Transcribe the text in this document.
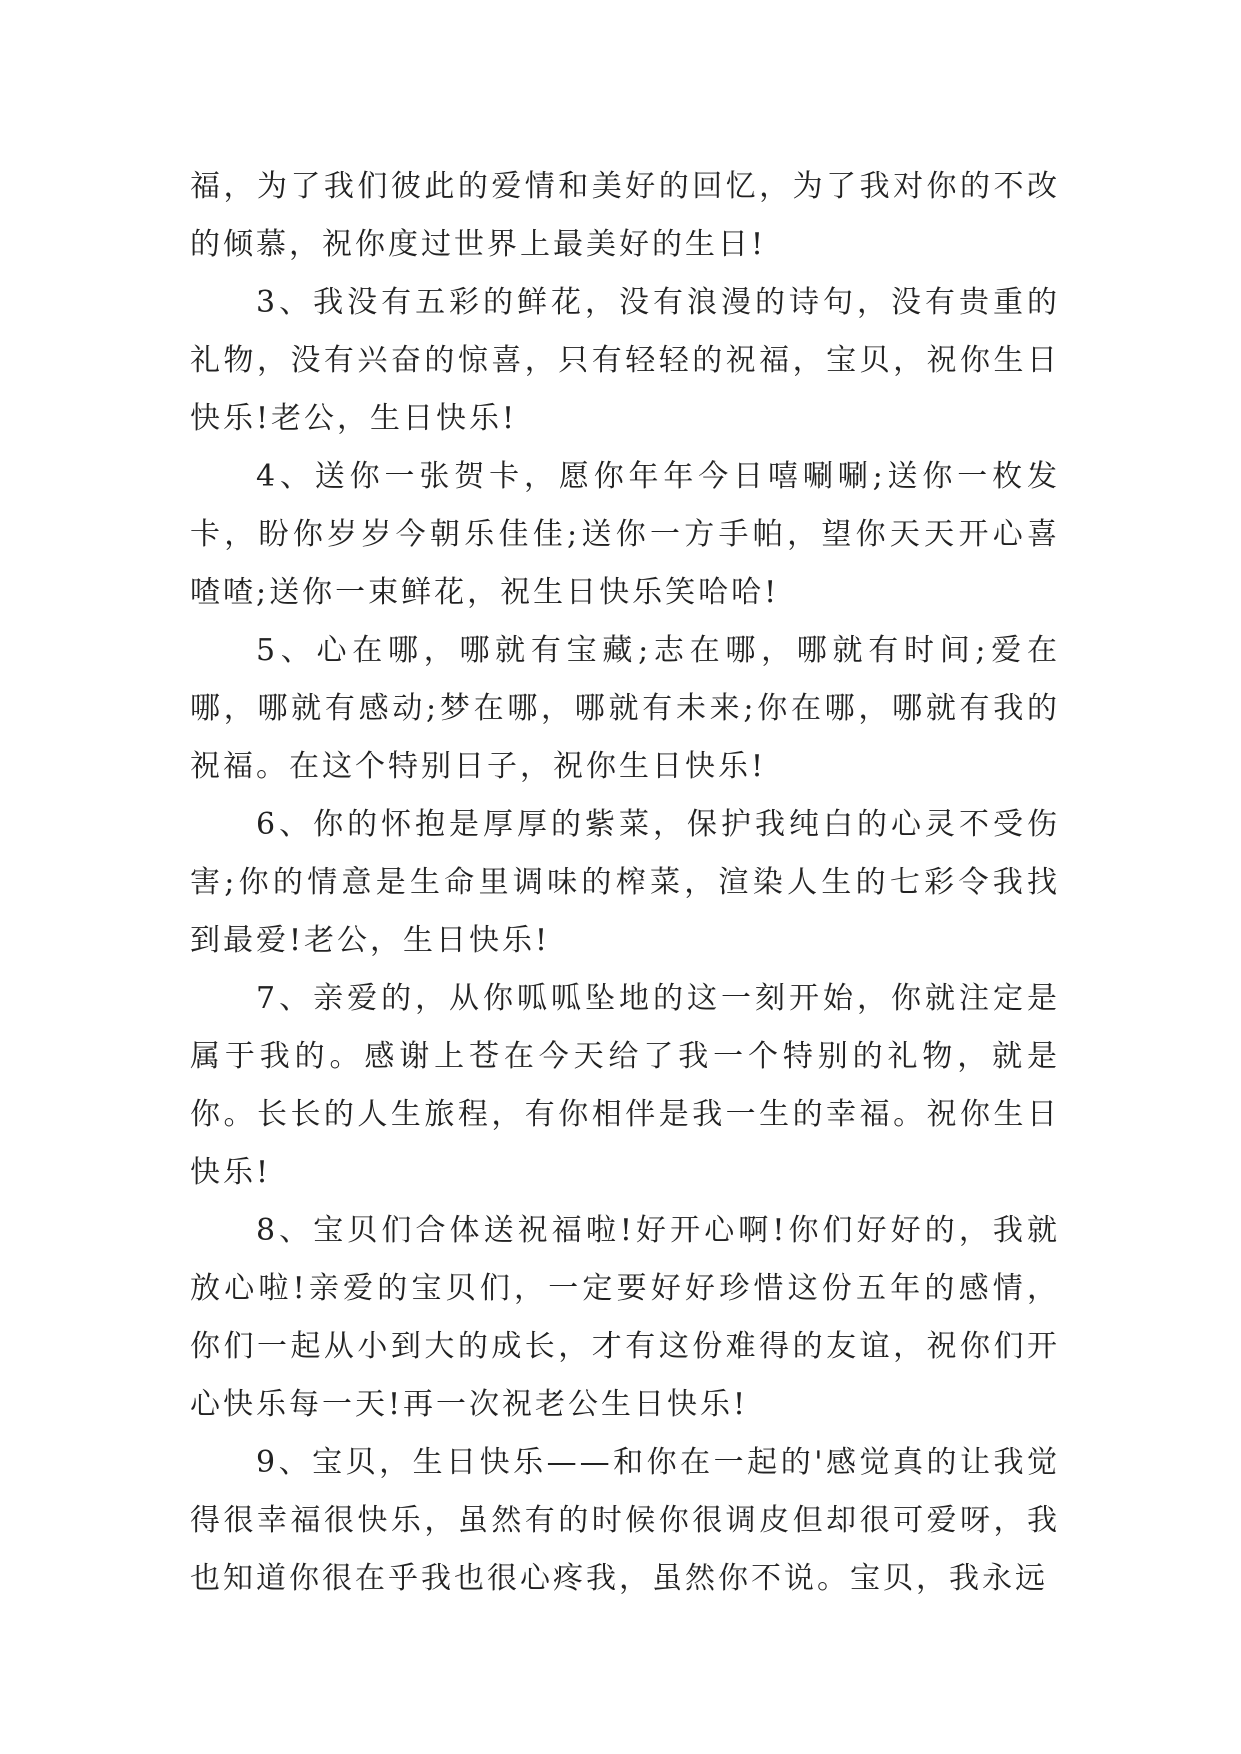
福，为了我们彼此的爱情和美好的回忆，为了我对你的不改的倾慕，祝你度过世界上最美好的生日!

3、我没有五彩的鲜花，没有浪漫的诗句，没有贵重的礼物，没有兴奋的惊喜，只有轻轻的祝福，宝贝，祝你生日快乐!老公，生日快乐!

4、送你一张贺卡，愿你年年今日嘻唰唰;送你一枚发卡，盼你岁岁今朝乐佳佳;送你一方手帕，望你天天开心喜喳喳;送你一束鲜花，祝生日快乐笑哈哈!

5、心在哪，哪就有宝藏;志在哪，哪就有时间;爱在哪，哪就有感动;梦在哪，哪就有未来;你在哪，哪就有我的祝福。在这个特别日子，祝你生日快乐!

6、你的怀抱是厚厚的紫菜，保护我纯白的心灵不受伤害;你的情意是生命里调味的榨菜，渲染人生的七彩令我找到最爱!老公，生日快乐!

7、亲爱的，从你呱呱坠地的这一刻开始，你就注定是属于我的。感谢上苍在今天给了我一个特别的礼物，就是你。长长的人生旅程，有你相伴是我一生的幸福。祝你生日快乐!

8、宝贝们合体送祝福啦!好开心啊!你们好好的，我就放心啦!亲爱的宝贝们，一定要好好珍惜这份五年的感情，你们一起从小到大的成长，才有这份难得的友谊，祝你们开心快乐每一天!再一次祝老公生日快乐!

9、宝贝，生日快乐——和你在一起的'感觉真的让我觉得很幸福很快乐，虽然有的时候你很调皮但却很可爱呀，我也知道你很在乎我也很心疼我，虽然你不说。宝贝，我永远
